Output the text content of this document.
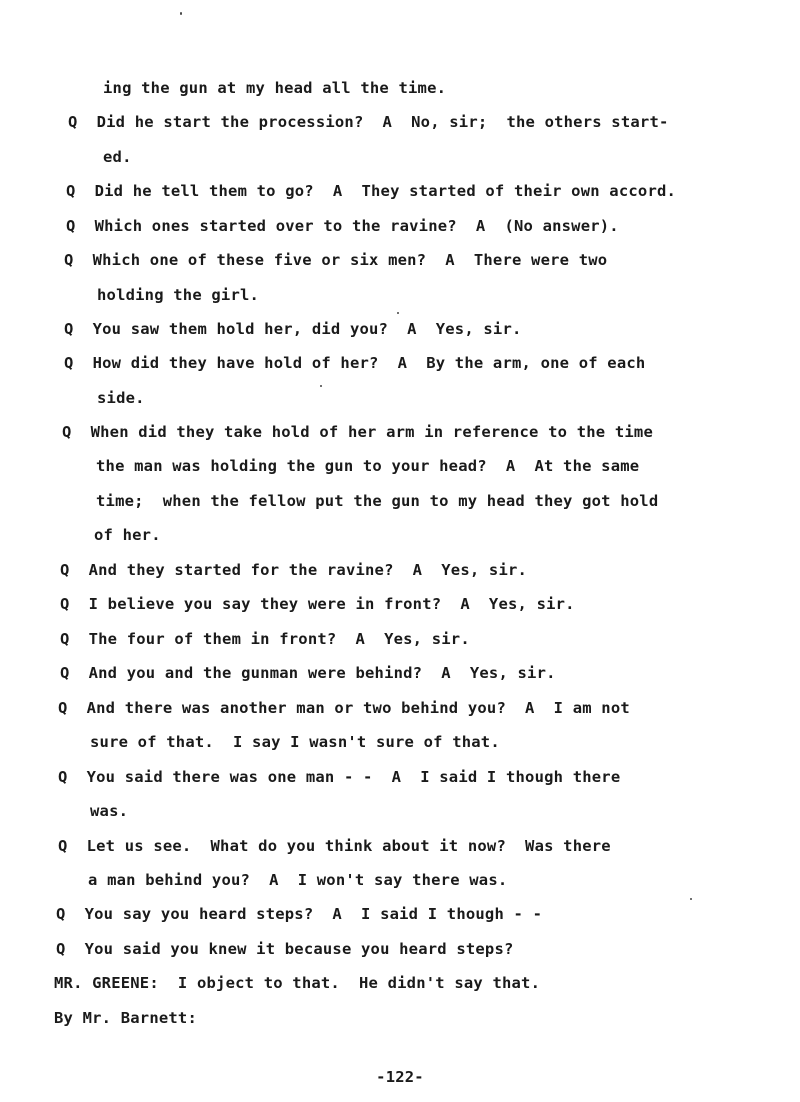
ing the gun at my head all the time.
Q  Did he start the procession?  A  No, sir;  the others start-
ed.
Q  Did he tell them to go?  A  They started of their own accord.
Q  Which ones started over to the ravine?  A  (No answer).
Q  Which one of these five or six men?  A  There were two
holding the girl.
Q  You saw them hold her, did you?  A  Yes, sir.
Q  How did they have hold of her?  A  By the arm, one of each
side.
Q  When did they take hold of her arm in reference to the time
the man was holding the gun to your head?  A  At the same
time;  when the fellow put the gun to my head they got hold
of her.
Q  And they started for the ravine?  A  Yes, sir.
Q  I believe you say they were in front?  A  Yes, sir.
Q  The four of them in front?  A  Yes, sir.
Q  And you and the gunman were behind?  A  Yes, sir.
Q  And there was another man or two behind you?  A  I am not
sure of that.  I say I wasn't sure of that.
Q  You said there was one man - -  A  I said I though there
was.
Q  Let us see.  What do you think about it now?  Was there
a man behind you?  A  I won't say there was.
Q  You say you heard steps?  A  I said I though - -
Q  You said you knew it because you heard steps?
MR. GREENE:  I object to that.  He didn't say that.
By Mr. Barnett:
-122-
